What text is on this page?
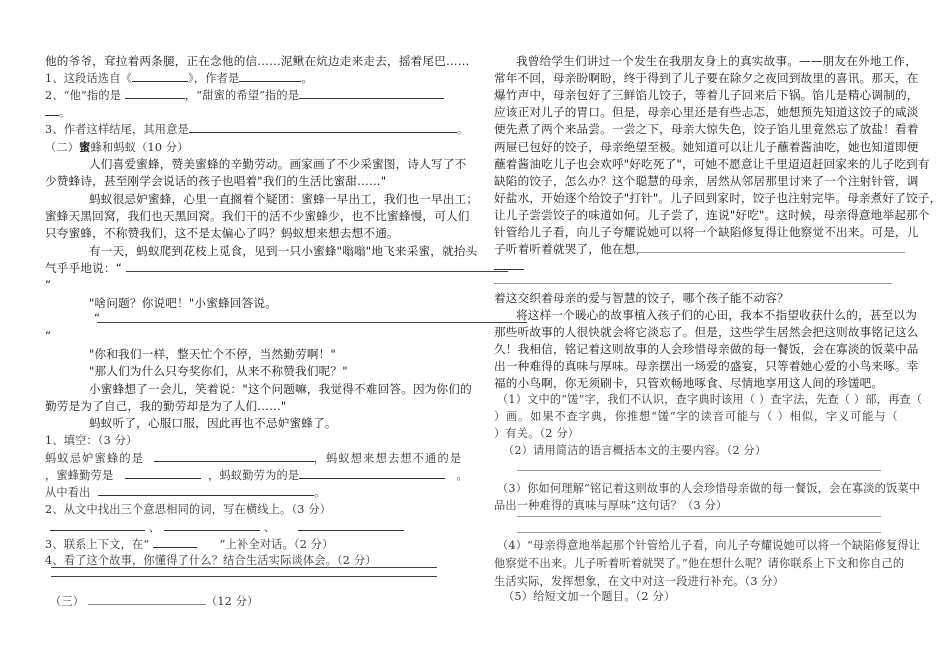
他的爷爷，耷拉着两条腿，正在念他的信……泥鳅在炕边走来走去，摇着尾巴……
1、这段话选自《	》，作者是	。
2、“他”指的是	，“甜蜜的希望”指的是
。
3、作者这样结尾，其用意是	。
（二）蜜蜂和蚂蚁（10 分）
人们喜爱蜜蜂，赞美蜜蜂的辛勤劳动。画家画了不少采蜜图，诗人写了不
少赞蜂诗，甚至刚学会说话的孩子也唱着"我们的生活比蜜甜……"
蚂蚁很忌妒蜜蜂，心里一直搁着个疑团：蜜蜂一早出工，我们也一早出工；
蜜蜂天黑回窝，我们也天黑回窝。我们干的活不少蜜蜂少，也不比蜜蜂慢，可人们
只夸蜜蜂，不称赞我们，这不是太偏心了吗？蚂蚁想来想去想不通。
有一天，蚂蚁爬到花枝上觅食，见到一只小蜜蜂"嗡嗡"地飞来采蜜，就抬头
气乎乎地说：“
”
"啥问题？你说吧！"小蜜蜂回答说。
“
”
"你和我们一样，整天忙个不停，当然勤劳啊！"
"那人们为什么只夸奖你们，从来不称赞我们呢？"
小蜜蜂想了一会儿，笑着说："这个问题嘛，我觉得不难回答。因为你们的
勤劳是为了自己，我的勤劳却是为了人们……"
蚂蚁听了，心服口服，因此再也不忌妒蜜蜂了。
1、填空：（3 分）
蚂蚁忌妒蜜蜂的是	，蚂蚁想来想去想不通的是
，蜜蜂勤劳是	，蚂蚁勤劳为的是	。
从中看出	。
2、从文中找出三个意思相同的词，写在横线上。（3 分）
、	、
3、联系上下文，在“	”上补全对话。（2 分）
4、看了这个故事，你懂得了什么？结合生活实际谈体会。（2 分）
（三）	（12 分）
我曾给学生们讲过一个发生在我朋友身上的真实故事。——朋友在外地工作，
常年不回，母亲盼啊盼，终于得到了儿子要在除夕之夜回到故里的喜讯。那天，在
爆竹声中，母亲包好了三鲜馅儿饺子，等着儿子回来后下锅。馅儿是精心调制的，
应该正对儿子的胃口。但是，母亲心里还是有些忐忑，她想预先知道这饺子的咸淡
便先煮了两个来品尝。一尝之下，母亲大惊失色，饺子馅儿里竟然忘了放盐！看着
两屉已包好的饺子，母亲绝望至极。她知道可以让儿子蘸着酱油吃，她也知道即便
蘸着酱油吃儿子也会欢呼"好吃死了"，可她不愿意让千里迢迢赶回家来的儿子吃到有
缺陷的饺子，怎么办？这个聪慧的母亲，居然从邻居那里讨来了一个注射针管，调
好盐水，开始逐个给饺子"打针"。儿子回到家时，饺子也注射完毕。母亲煮好了饺子，
让儿子尝尝饺子的味道如何。儿子尝了，连说"好吃"。这时候，母亲得意地举起那个
针管给儿子看，向儿子夸耀说她可以将一个缺陷修复得让他察觉不出来。可是，儿
子听着听着就哭了，他在想，
着这交织着母亲的爱与智慧的饺子，哪个孩子能不动容？
将这样一个暖心的故事植入孩子们的心田，我本不指望收获什么的，甚至以为
那些听故事的人很快就会将它淡忘了。但是，这些学生居然会把这则故事铭记这么
久！我相信，铭记着这则故事的人会珍惜母亲做的每一餐饭，会在寡淡的饭菜中品
出一种难得的真味与厚味。母亲摆出一场爱的盛宴，只等着她心爱的小鸟来啄。幸
福的小鸟啊，你无须刷卡，只管欢畅地啄食、尽情地享用这人间的珍馐吧。
（1）文中的“馐”字，我们不认识，查字典时该用（ ）查字法，先查（ ）部，再查（
）画。如果不查字典，你推想“馐”字的读音可能与（ ）相似，字义可能与（
）有关。（2 分）
（2）请用简洁的语言概括本文的主要内容。（2 分）
（3）你如何理解“铭记着这则故事的人会珍惜母亲做的每一餐饭，会在寡淡的饭菜中
品出一种难得的真味与厚味”这句话？（3 分）
（4）“母亲得意地举起那个针管给儿子看，向儿子夸耀说她可以将一个缺陷修复得让
他察觉不出来。儿子听着听着就哭了。”他在想什么呢？请你联系上下文和你自己的
生活实际，发挥想象，在文中对这一段进行补充。（3 分）
（5）给短文加一个题目。（2 分）
